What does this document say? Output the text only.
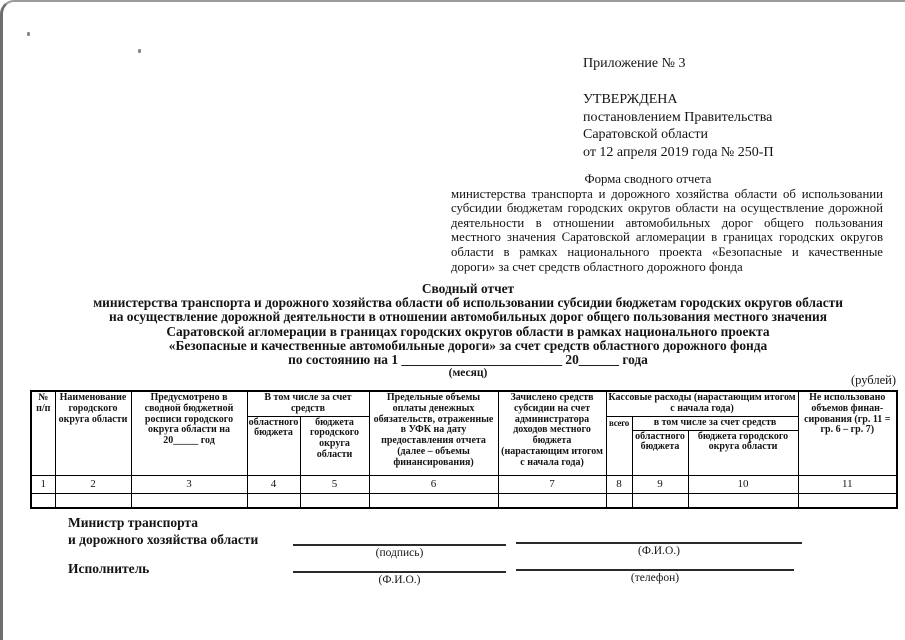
Приложение № 3
УТВЕРЖДЕНА
постановлением Правительства
Саратовской области
от 12 апреля 2019 года № 250-П
Форма сводного отчета
министерства транспорта и дорожного хозяйства области об использовании субсидии бюджетам городских округов области на осуществление дорожной деятельности в отношении автомобильных дорог общего пользования местного значения Саратовской агломерации в границах городских округов области в рамках национального проекта «Безопасные и качественные дороги» за счет средств областного дорожного фонда
Сводный отчет
министерства транспорта и дорожного хозяйства области об использовании субсидии бюджетам городских округов области
на осуществление дорожной деятельности в отношении автомобильных дорог общего пользования местного значения
Саратовской агломерации в границах городских округов области в рамках национального проекта
«Безопасные и качественные автомобильные дороги» за счет средств областного дорожного фонда
по состоянию на 1 ________________________ 20______ года
(месяц)	(рублей)
№ п/п	Наименование городского округа области	Предусмотрено в сводной бюджетной росписи городского округа области на 20_____ год	В том числе за счет средств		Предельные объемы оплаты денежных обязательств, отраженные в УФК на дату предоставления отчета (далее – объемы финансирования)	Зачислено средств субсидии на счет администратора доходов местного бюджета (нарастающим итогом с начала года)	Кассовые расходы (нарастающим итогом с начала года)			Не использовано объемов финан-сирования (гр. 11 = гр. 6 – гр. 7)
			областного бюджета	бюджета городского округа области			всего	в том числе за счет средств		
								областного бюджета	бюджета городского округа области	
1	2	3	4	5	6	7	8	9	10	11

Министр транспорта
и дорожного хозяйства области
(подпись)	(Ф.И.О.)
Исполнитель
(Ф.И.О.)	(телефон)
